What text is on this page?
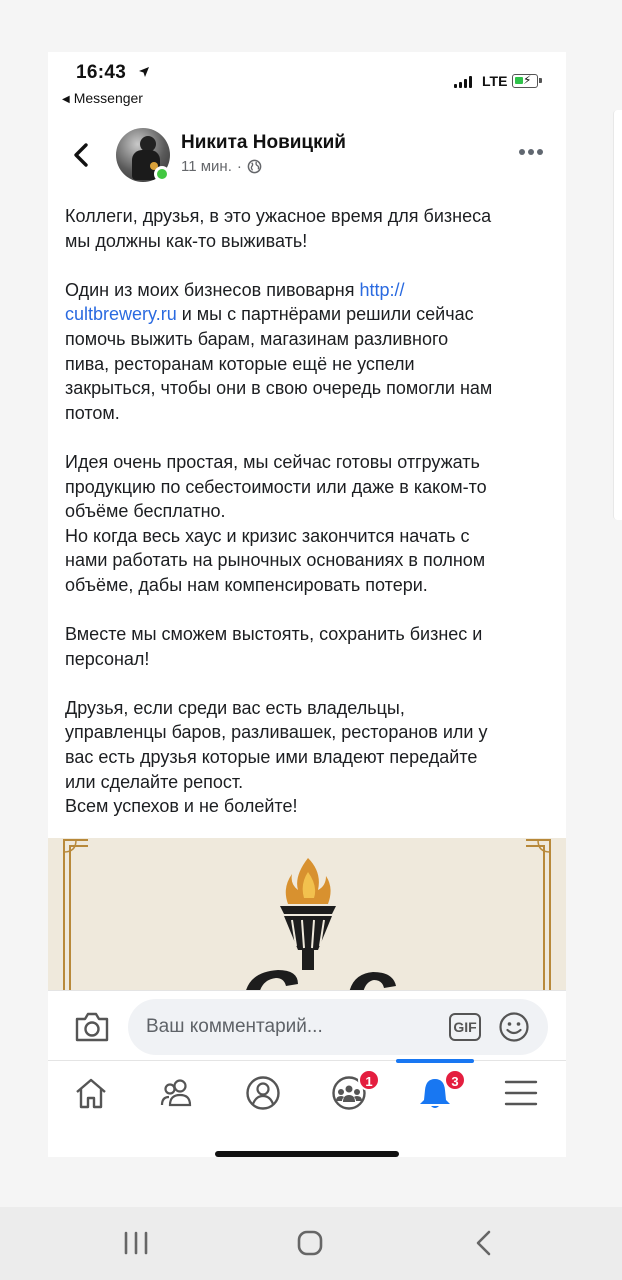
16:43
◀ Messenger
LTE ⚡
Никита Новицкий
11 мин. ·

Коллеги, друзья, в это ужасное время для бизнеса
мы должны как-то выживать!

Один из моих бизнесов пивоварня http://
cultbrewery.ru и мы с партнёрами решили сейчас
помочь выжить барам, магазинам разливного
пива, ресторанам которые ещё не успели
закрыться, чтобы они в свою очередь помогли нам
потом.

Идея очень простая, мы сейчас готовы отгружать
продукцию по себестоимости или даже в каком-то
объёме бесплатно.
Но когда весь хаус и кризис закончится начать с
нами работать на рыночных основаниях в полном
объёме, дабы нам компенсировать потери.

Вместе мы сможем выстоять, сохранить бизнес и
персонал!

Друзья, если среди вас есть владельцы,
управленцы баров, разливашек, ресторанов или у
вас есть друзья которые ими владеют передайте
или сделайте репост.
Всем успехов и не болейте!

Ваш комментарий...	GIF
1	3
